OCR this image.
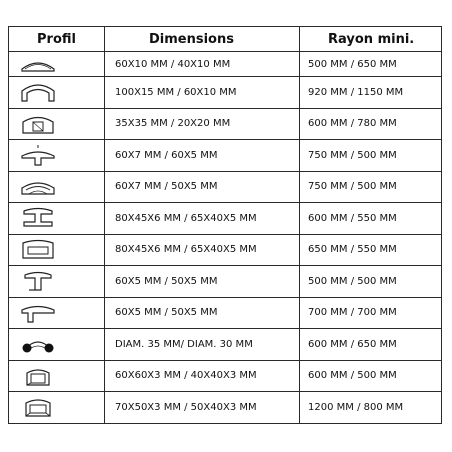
Profil	Dimensions	Rayon mini.

	60X10 MM / 40X10 MM	500 MM / 650 MM

	100X15 MM / 60X10 MM	920 MM / 1150 MM

	35X35 MM / 20X20 MM	600 MM / 780 MM

	60X7 MM / 60X5 MM	750 MM / 500 MM

	60X7 MM / 50X5 MM	750 MM / 500 MM

	80X45X6 MM / 65X40X5 MM	600 MM / 550 MM

	80X45X6 MM / 65X40X5 MM	650 MM / 550 MM

	60X5 MM / 50X5 MM	500 MM / 500 MM

	60X5 MM / 50X5 MM	700 MM / 700 MM

	DIAM. 35 MM/ DIAM. 30 MM	600 MM / 650 MM

	60X60X3 MM / 40X40X3 MM	600 MM / 500 MM

	70X50X3 MM / 50X40X3 MM	1200 MM / 800 MM
